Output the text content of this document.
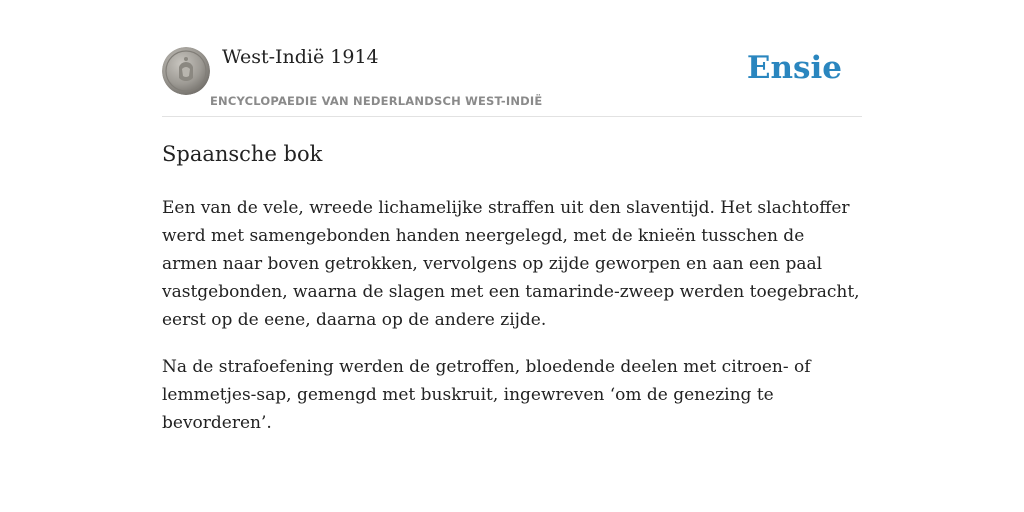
West-Indië 1914
ENCYCLOPAEDIE VAN NEDERLANDSCH WEST-INDIË
Ensie
Spaansche bok

Een van de vele, wreede lichamelijke straffen uit den slaventijd. Het slachtoffer werd met samengebonden handen neergelegd, met de knieën tusschen de armen naar boven getrokken, vervolgens op zijde geworpen en aan een paal vastgebonden, waarna de slagen met een tamarinde-zweep werden toegebracht, eerst op de eene, daarna op de andere zijde.

Na de strafoefening werden de getroffen, bloedende deelen met citroen- of lemmetjes-sap, gemengd met buskruit, ingewreven ‘om de genezing te bevorderen’.
